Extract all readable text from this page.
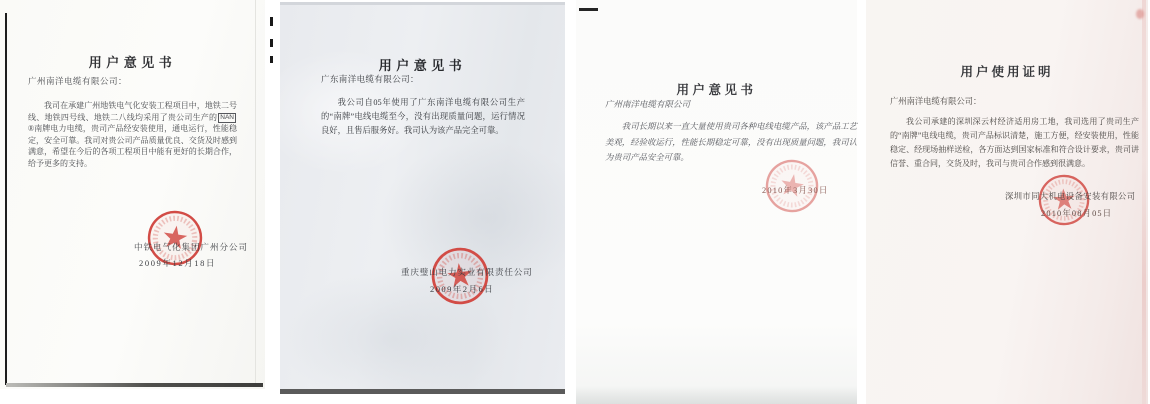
用户意见书
广州南洋电缆有限公司：

我司在承建广州地铁电气化安装工程项目中，地铁二号线、地铁四号线、地铁二八线均采用了贵公司生产的 NAN®南牌电力电缆，贵司产品经安装使用，通电运行，性能稳定，安全可靠。我司对贵公司产品质量优良、交货及时感到满意，希望在今后的各项工程项目中能有更好的长期合作，给予更多的支持。

中铁电气化集团广州分公司
2009年12月18日
用户意见书
广东南洋电缆有限公司：

我公司自05年使用了广东南洋电缆有限公司生产的“南牌”电线电缆至今，没有出现质量问题，运行情况良好，且售后服务好。我司认为该产品完全可靠。

重庆璧山电力实业有限责任公司
2009年2月6日
用户意见书
广州南洋电缆有限公司

我司长期以来一直大量使用贵司各种电线电缆产品，该产品工艺美观，经验收运行，性能长期稳定可靠，没有出现质量问题，我司认为贵司产品安全可靠。

2010年3月30日
用户使用证明
广州南洋电缆有限公司：

我公司承建的深圳深云村经济适用房工地，我司选用了贵司生产的“南牌”电线电缆，贵司产品标识清楚，施工方便，经安装使用，性能稳定、经现场抽样送检，各方面达到国家标准和符合设计要求，贵司讲信誉、重合同，交货及时，我司与贵司合作感到很满意。

深圳市同大机电设备安装有限公司
2010年08月05日
